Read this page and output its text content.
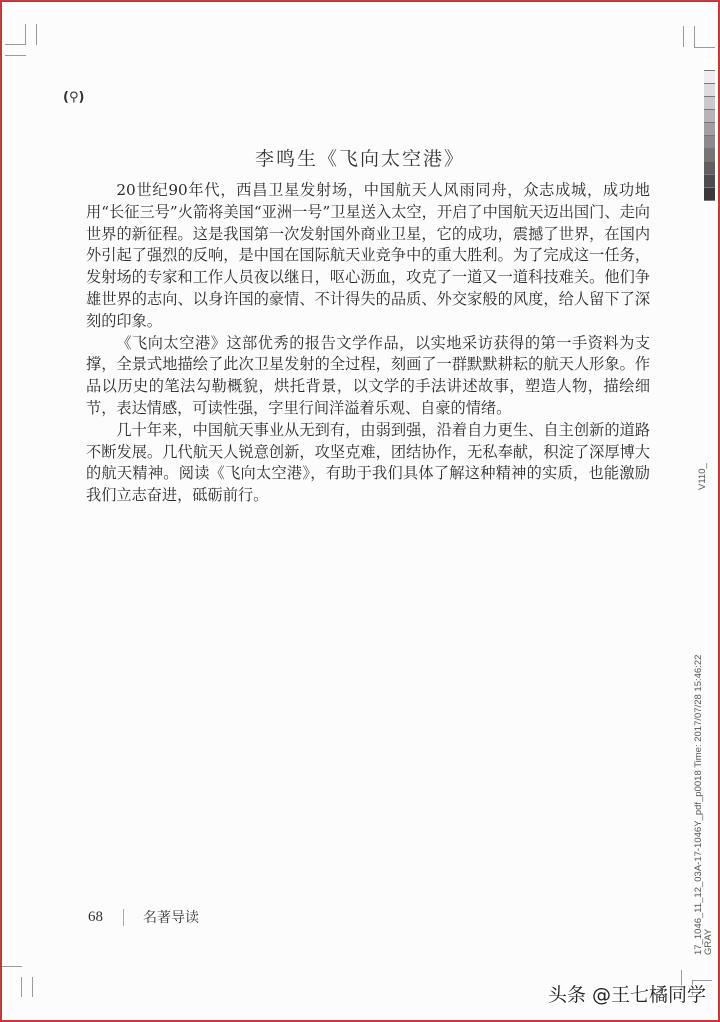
(⚲)
李鸣生《飞向太空港》

20世纪90年代，西昌卫星发射场，中国航天人风雨同舟，众志成城，成功地用“长征三号”火箭将美国“亚洲一号”卫星送入太空，开启了中国航天迈出国门、走向世界的新征程。这是我国第一次发射国外商业卫星，它的成功，震撼了世界，在国内外引起了强烈的反响，是中国在国际航天业竞争中的重大胜利。为了完成这一任务，发射场的专家和工作人员夜以继日，呕心沥血，攻克了一道又一道科技难关。他们争雄世界的志向、以身许国的豪情、不计得失的品质、外交家般的风度，给人留下了深刻的印象。

《飞向太空港》这部优秀的报告文学作品，以实地采访获得的第一手资料为支撑，全景式地描绘了此次卫星发射的全过程，刻画了一群默默耕耘的航天人形象。作品以历史的笔法勾勒概貌，烘托背景，以文学的手法讲述故事，塑造人物，描绘细节，表达情感，可读性强，字里行间洋溢着乐观、自豪的情绪。

几十年来，中国航天事业从无到有，由弱到强，沿着自力更生、自主创新的道路不断发展。几代航天人锐意创新，攻坚克难，团结协作，无私奉献，积淀了深厚博大的航天精神。阅读《飞向太空港》，有助于我们具体了解这种精神的实质，也能激励我们立志奋进，砥砺前行。

68	名著导读
V110_
17_1046_11_12_03A-17-1046Y_pdf_p0018 Time: 2017/07/28 15:46:22 GRAY
头条 @王七橘同学
